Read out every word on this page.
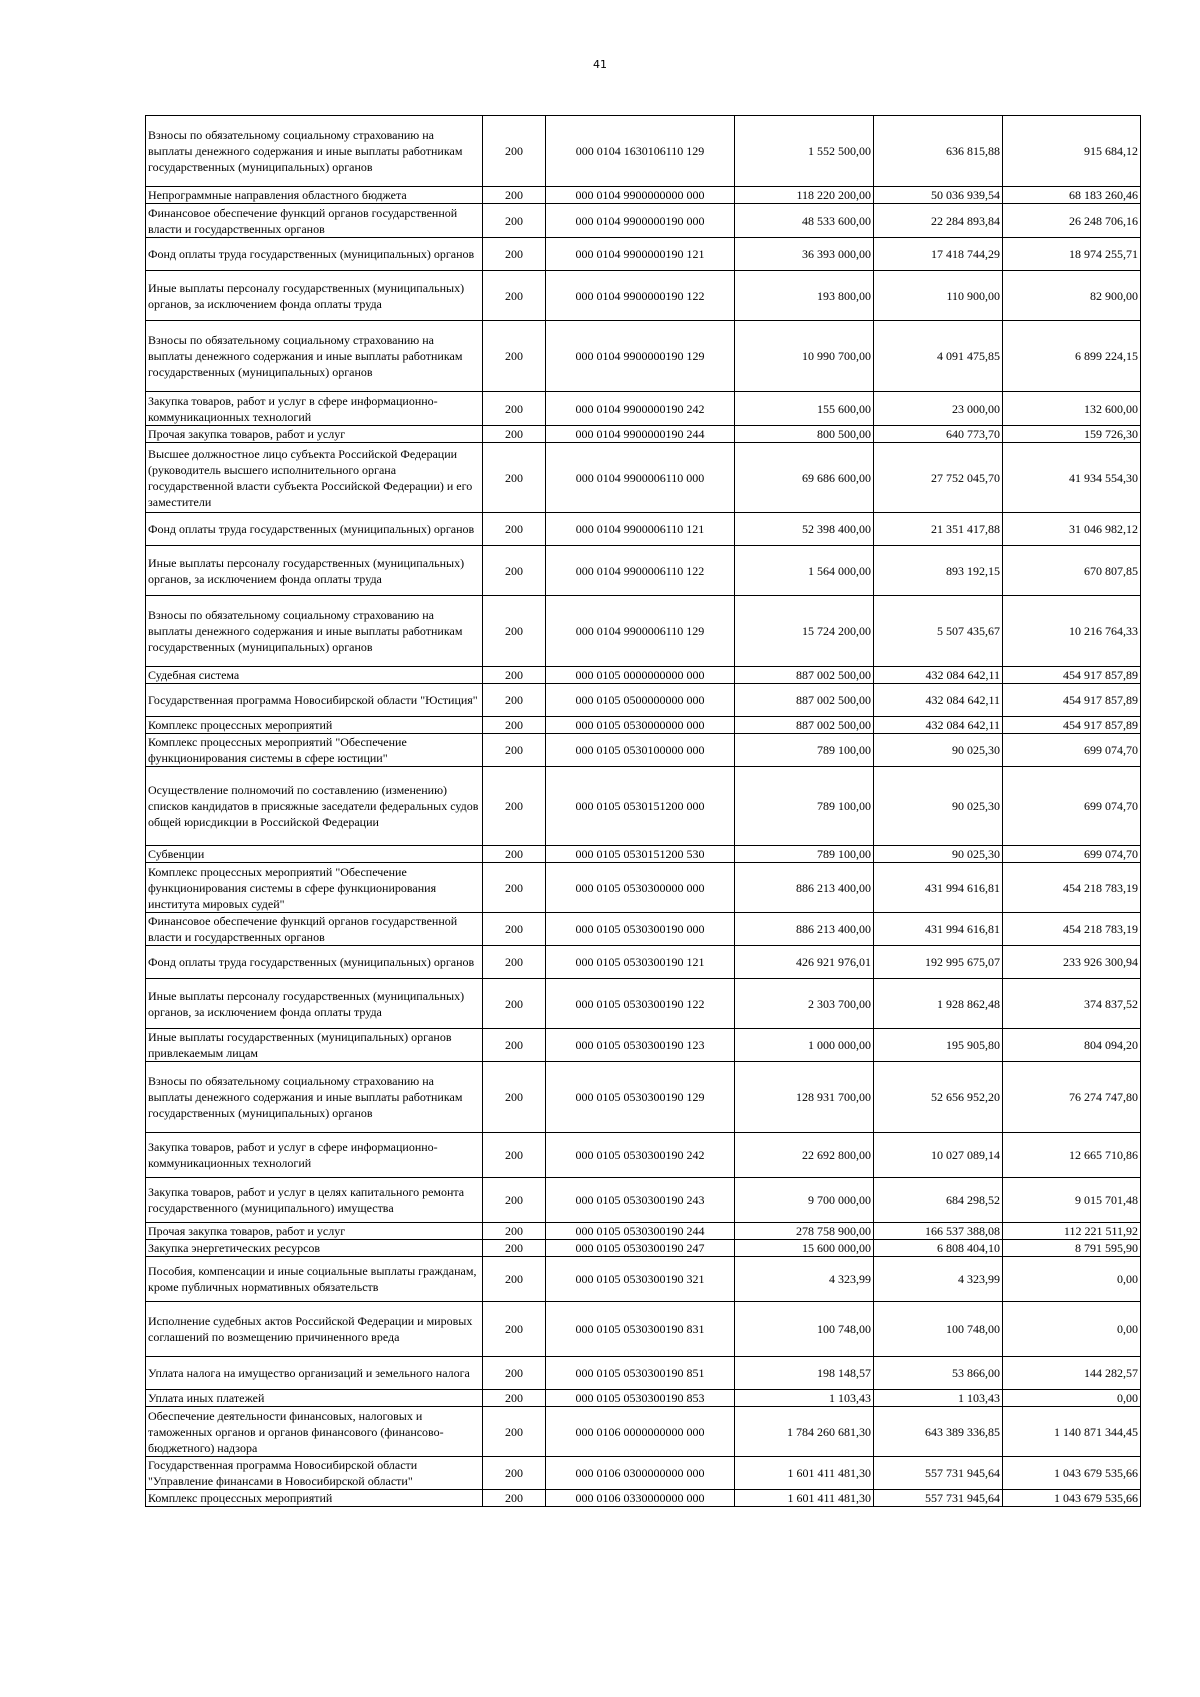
41
Взносы по обязательному социальному страхованию на выплаты денежного содержания и иные выплаты работникам государственных (муниципальных) органов	200	000 0104 1630106110 129	1 552 500,00	636 815,88	915 684,12
Непрограммные направления областного бюджета	200	000 0104 9900000000 000	118 220 200,00	50 036 939,54	68 183 260,46
Финансовое обеспечение функций органов государственной власти и государственных органов	200	000 0104 9900000190 000	48 533 600,00	22 284 893,84	26 248 706,16
Фонд оплаты труда государственных (муниципальных) органов	200	000 0104 9900000190 121	36 393 000,00	17 418 744,29	18 974 255,71
Иные выплаты персоналу государственных (муниципальных) органов, за исключением фонда оплаты труда	200	000 0104 9900000190 122	193 800,00	110 900,00	82 900,00
Взносы по обязательному социальному страхованию на выплаты денежного содержания и иные выплаты работникам государственных (муниципальных) органов	200	000 0104 9900000190 129	10 990 700,00	4 091 475,85	6 899 224,15
Закупка товаров, работ и услуг в сфере информационно-коммуникационных технологий	200	000 0104 9900000190 242	155 600,00	23 000,00	132 600,00
Прочая закупка товаров, работ и услуг	200	000 0104 9900000190 244	800 500,00	640 773,70	159 726,30
Высшее должностное лицо субъекта Российской Федерации (руководитель высшего исполнительного органа государственной власти субъекта Российской Федерации) и его заместители	200	000 0104 9900006110 000	69 686 600,00	27 752 045,70	41 934 554,30
Фонд оплаты труда государственных (муниципальных) органов	200	000 0104 9900006110 121	52 398 400,00	21 351 417,88	31 046 982,12
Иные выплаты персоналу государственных (муниципальных) органов, за исключением фонда оплаты труда	200	000 0104 9900006110 122	1 564 000,00	893 192,15	670 807,85
Взносы по обязательному социальному страхованию на выплаты денежного содержания и иные выплаты работникам государственных (муниципальных) органов	200	000 0104 9900006110 129	15 724 200,00	5 507 435,67	10 216 764,33
Судебная система	200	000 0105 0000000000 000	887 002 500,00	432 084 642,11	454 917 857,89
Государственная программа Новосибирской области "Юстиция"	200	000 0105 0500000000 000	887 002 500,00	432 084 642,11	454 917 857,89
Комплекс процессных мероприятий	200	000 0105 0530000000 000	887 002 500,00	432 084 642,11	454 917 857,89
Комплекс процессных мероприятий "Обеспечение функционирования системы в сфере юстиции"	200	000 0105 0530100000 000	789 100,00	90 025,30	699 074,70
Осуществление полномочий по составлению (изменению) списков кандидатов в присяжные заседатели федеральных судов общей юрисдикции в Российской Федерации	200	000 0105 0530151200 000	789 100,00	90 025,30	699 074,70
Субвенции	200	000 0105 0530151200 530	789 100,00	90 025,30	699 074,70
Комплекс процессных мероприятий "Обеспечение функционирования системы в сфере функционирования института мировых судей"	200	000 0105 0530300000 000	886 213 400,00	431 994 616,81	454 218 783,19
Финансовое обеспечение функций органов государственной власти и государственных органов	200	000 0105 0530300190 000	886 213 400,00	431 994 616,81	454 218 783,19
Фонд оплаты труда государственных (муниципальных) органов	200	000 0105 0530300190 121	426 921 976,01	192 995 675,07	233 926 300,94
Иные выплаты персоналу государственных (муниципальных) органов, за исключением фонда оплаты труда	200	000 0105 0530300190 122	2 303 700,00	1 928 862,48	374 837,52
Иные выплаты государственных (муниципальных) органов привлекаемым лицам	200	000 0105 0530300190 123	1 000 000,00	195 905,80	804 094,20
Взносы по обязательному социальному страхованию на выплаты денежного содержания и иные выплаты работникам государственных (муниципальных) органов	200	000 0105 0530300190 129	128 931 700,00	52 656 952,20	76 274 747,80
Закупка товаров, работ и услуг в сфере информационно-коммуникационных технологий	200	000 0105 0530300190 242	22 692 800,00	10 027 089,14	12 665 710,86
Закупка товаров, работ и услуг в целях капитального ремонта государственного (муниципального) имущества	200	000 0105 0530300190 243	9 700 000,00	684 298,52	9 015 701,48
Прочая закупка товаров, работ и услуг	200	000 0105 0530300190 244	278 758 900,00	166 537 388,08	112 221 511,92
Закупка энергетических ресурсов	200	000 0105 0530300190 247	15 600 000,00	6 808 404,10	8 791 595,90
Пособия, компенсации и иные социальные выплаты гражданам, кроме публичных нормативных обязательств	200	000 0105 0530300190 321	4 323,99	4 323,99	0,00
Исполнение судебных актов Российской Федерации и мировых соглашений по возмещению причиненного вреда	200	000 0105 0530300190 831	100 748,00	100 748,00	0,00
Уплата налога на имущество организаций и земельного налога	200	000 0105 0530300190 851	198 148,57	53 866,00	144 282,57
Уплата иных платежей	200	000 0105 0530300190 853	1 103,43	1 103,43	0,00
Обеспечение деятельности финансовых, налоговых и таможенных органов и органов финансового (финансово-бюджетного) надзора	200	000 0106 0000000000 000	1 784 260 681,30	643 389 336,85	1 140 871 344,45
Государственная программа Новосибирской области "Управление финансами в Новосибирской области"	200	000 0106 0300000000 000	1 601 411 481,30	557 731 945,64	1 043 679 535,66
Комплекс процессных мероприятий	200	000 0106 0330000000 000	1 601 411 481,30	557 731 945,64	1 043 679 535,66
